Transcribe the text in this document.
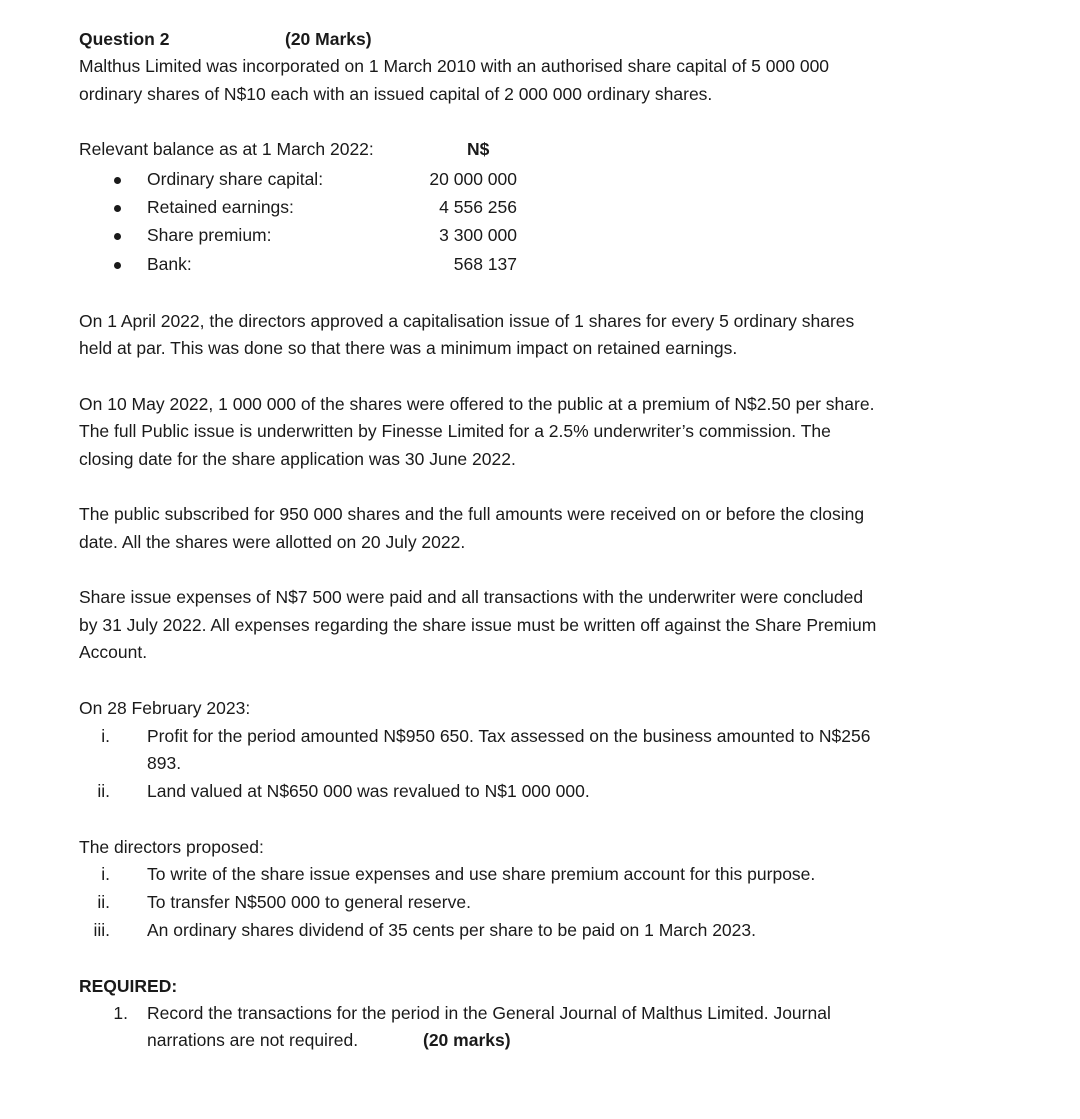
Question 2	(20 Marks)
Malthus Limited was incorporated on 1 March 2010 with an authorised share capital of 5 000 000
ordinary shares of N$10 each with an issued capital of 2 000 000 ordinary shares.
Relevant balance as at 1 March 2022:	N$
Ordinary share capital:	20 000 000
Retained earnings:	4 556 256
Share premium:	3 300 000
Bank:	568 137
On 1 April 2022, the directors approved a capitalisation issue of 1 shares for every 5 ordinary shares
held at par. This was done so that there was a minimum impact on retained earnings.
On 10 May 2022, 1 000 000 of the shares were offered to the public at a premium of N$2.50 per share.
The full Public issue is underwritten by Finesse Limited for a 2.5% underwriter’s commission. The
closing date for the share application was 30 June 2022.
The public subscribed for 950 000 shares and the full amounts were received on or before the closing
date. All the shares were allotted on 20 July 2022.
Share issue expenses of N$7 500 were paid and all transactions with the underwriter were concluded
by 31 July 2022. All expenses regarding the share issue must be written off against the Share Premium
Account.
On 28 February 2023:
i. Profit for the period amounted N$950 650. Tax assessed on the business amounted to N$256
893.
ii. Land valued at N$650 000 was revalued to N$1 000 000.
The directors proposed:
i. To write of the share issue expenses and use share premium account for this purpose.
ii. To transfer N$500 000 to general reserve.
iii. An ordinary shares dividend of 35 cents per share to be paid on 1 March 2023.
REQUIRED:
1. Record the transactions for the period in the General Journal of Malthus Limited. Journal
narrations are not required.	(20 marks)
